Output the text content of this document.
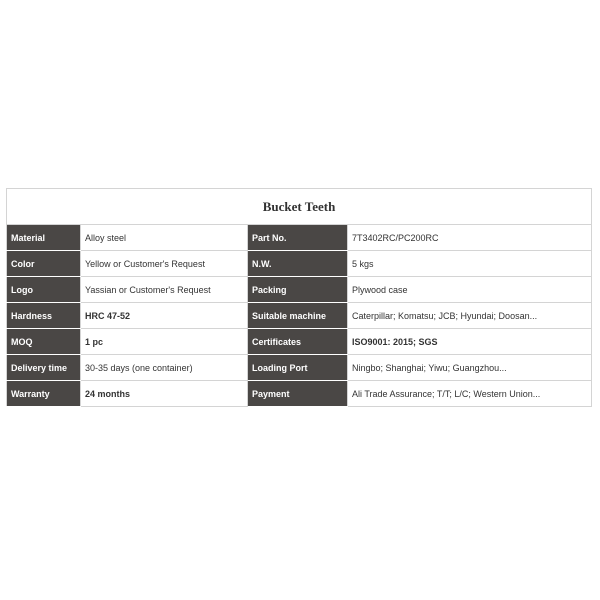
Bucket Teeth			
Material	Alloy steel	Part No.	7T3402RC/PC200RC
Color	Yellow or Customer's Request	N.W.	5 kgs
Logo	Yassian or Customer's Request	Packing	Plywood case
Hardness	HRC 47-52	Suitable machine	Caterpillar; Komatsu; JCB; Hyundai; Doosan...
MOQ	1 pc	Certificates	ISO9001: 2015; SGS
Delivery time	30-35 days (one container)	Loading Port	Ningbo; Shanghai; Yiwu; Guangzhou...
Warranty	24 months	Payment	Ali Trade Assurance; T/T; L/C; Western Union...
